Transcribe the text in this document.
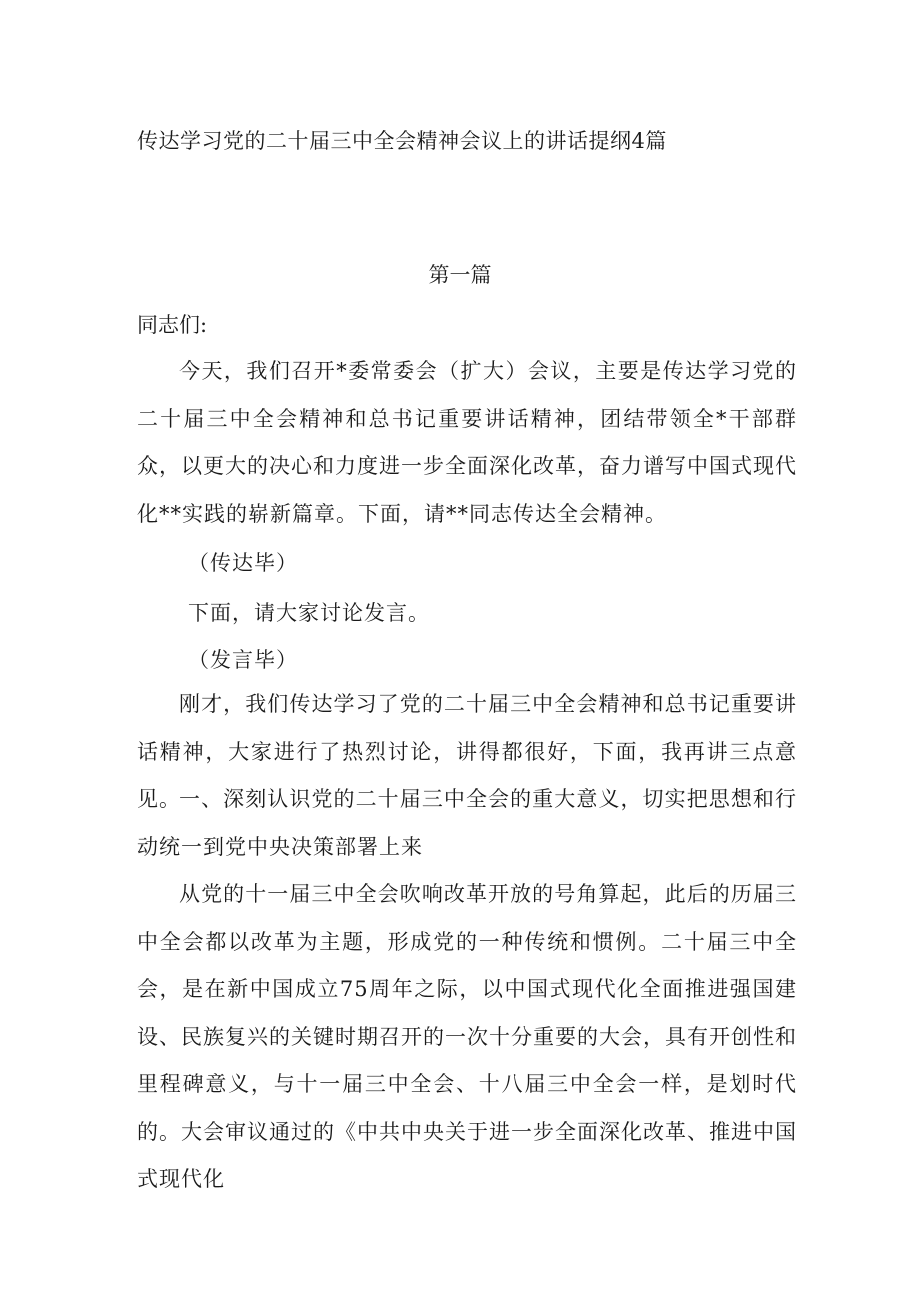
传达学习党的二十届三中全会精神会议上的讲话提纲4篇
第一篇
同志们:

今天，我们召开*委常委会（扩大）会议，主要是传达学习党的二十届三中全会精神和总书记重要讲话精神，团结带领全*干部群众，以更大的决心和力度进一步全面深化改革，奋力谱写中国式现代化**实践的崭新篇章。下面，请**同志传达全会精神。

（传达毕）
下面，请大家讨论发言。
（发言毕）

刚才，我们传达学习了党的二十届三中全会精神和总书记重要讲话精神，大家进行了热烈讨论，讲得都很好，下面，我再讲三点意见。

一、深刻认识党的二十届三中全会的重大意义，切实把思想和行动统一到党中央决策部署上来

从党的十一届三中全会吹响改革开放的号角算起，此后的历届三中全会都以改革为主题，形成党的一种传统和惯例。二十届三中全会，是在新中国成立75周年之际，以中国式现代化全面推进强国建设、民族复兴的关键时期召开的一次十分重要的大会，具有开创性和里程碑意义，与十一届三中全会、十八届三中全会一样，是划时代的。大会审议通过的《中共中央关于进一步全面深化改革、推进中国式现代化
